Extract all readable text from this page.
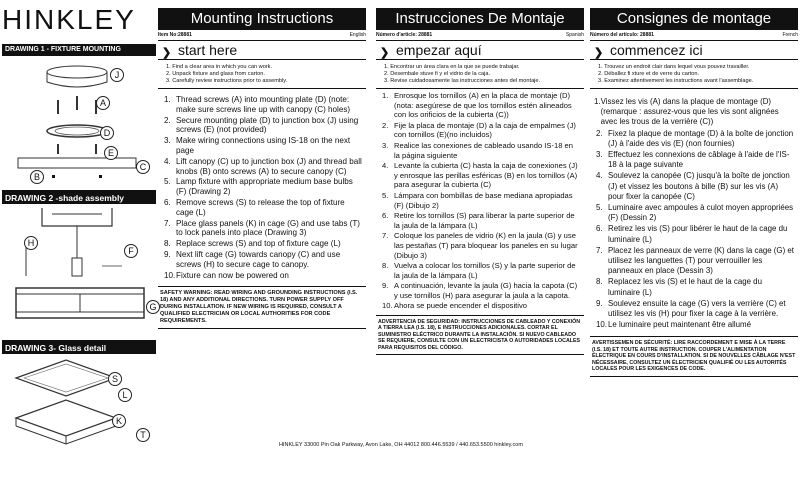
HINKLEY
DRAWING 1 - FIXTURE MOUNTING
J
A
D
E
B
C
DRAWING 2 -shade assembly
F
H
G
DRAWING 3- Glass detail
S
L
K
T
Mounting Instructions
Item No:28881	English
❯ start here
1. Find a clear area in which you can work.
2. Unpack fixture and glass from carton.
3. Carefully review instructions prior to assembly.
1. Thread screws (A) into mounting plate (D) (note: make sure screws line up with canopy (C) holes)
2. Secure mounting plate (D) to junction box (J) using screws (E) (not provided)
3. Make wiring connections using IS-18 on the next page
4. Lift canopy (C) up to junction box (J) and thread ball knobs (B) onto screws (A) to secure canopy (C)
5. Lamp fixture with appropriate medium base bulbs (F) (Drawing 2)
6. Remove screws (S) to release the top of fixture cage (L)
7. Place glass panels (K) in cage (G) and use tabs (T) to lock panels into place (Drawing 3)
8. Replace screws (S) and top of fixture cage (L)
9. Next lift cage (G) towards canopy (C) and use screws (H) to secure cage to canopy.
10. Fixture can now be powered on
SAFETY WARNING: READ WIRING AND GROUNDING INSTRUCTIONS (I.S. 18) AND ANY ADDITIONAL DIRECTIONS. TURN POWER SUPPLY OFF DURING INSTALLATION. IF NEW WIRING IS REQUIRED, CONSULT A QUALIFIED ELECTRICIAN OR LOCAL AUTHORITIES FOR CODE REQUIREMENTS.
Instrucciones De Montaje
Número d'article: 28881	Spanish
❯ empezar aquí
1. Encontrar un área clara en la que se puede trabajar.
2. Desembale stuve fi y el vidrio de la caja.
3. Revise cuidadosamente las instrucciones antes del montaje.
1. Enrosque los tornillos (A) en la placa de montaje (D) (nota: asegúrese de que los tornillos estén alineados con los orificios de la cubierta (C))
2. Fije la placa de montaje (D) a la caja de empalmes (J) con tornillos (E)(no incluidos)
3. Realice las conexiones de cableado usando IS-18 en la página siguiente
4. Levante la cubierta (C) hasta la caja de conexiones (J) y enrosque las perillas esféricas (B) en los tornillos (A) para asegurar la cubierta (C)
5. Lámpara con bombillas de base mediana apropiadas (F) (Dibujo 2)
6. Retire los tornillos (S) para liberar la parte superior de la jaula de la lámpara (L)
7. Coloque los paneles de vidrio (K) en la jaula (G) y use las pestañas (T) para bloquear los paneles en su lugar (Dibujo 3)
8. Vuelva a colocar los tornillos (S) y la parte superior de la jaula de la lámpara (L)
9. A continuación, levante la jaula (G) hacia la capota (C) y use tornillos (H) para asegurar la jaula a la capota.
10. Ahora se puede encender el dispositivo
ADVERTENCIA DE SEGURIDAD: INSTRUCCIONES DE CABLEADO Y CONEXIÓN A TIERRA LEA (I.S. 18), E INSTRUCCIONES ADICIONALES. CORTAR EL SUMINISTRO ELÉCTRICO DURANTE LA INSTALACIÓN. SI NUEVO CABLEADO SE REQUIERE, CONSULTE CON UN ELECTRICISTA O AUTORIDADES LOCALES PARA REQUISITOS DEL CÓDIGO.
Consignes de montage
Número del artículo: 28881	French
❯ commencez ici
1. Trouvez un endroit clair dans lequel vous pouvez travailler.
2. Déballez fi xture et de verre du carton.
3. Examinez attentivement les instructions avant l'assemblage.
1. Vissez les vis (A) dans la plaque de montage (D) (remarque : assurez-vous que les vis sont alignées avec les trous de la verrière (C))
2. Fixez la plaque de montage (D) à la boîte de jonction (J) à l'aide des vis (E) (non fournies)
3. Effectuez les connexions de câblage à l'aide de l'IS-18 à la page suivante
4. Soulevez la canopée (C) jusqu'à la boîte de jonction (J) et vissez les boutons à bille (B) sur les vis (A) pour fixer la canopée (C)
5. Luminaire avec ampoules à culot moyen appropriées (F) (Dessin 2)
6. Retirez les vis (S) pour libérer le haut de la cage du luminaire (L)
7. Placez les panneaux de verre (K) dans la cage (G) et utilisez les languettes (T) pour verrouiller les panneaux en place (Dessin 3)
8. Replacez les vis (S) et le haut de la cage du luminaire (L)
9. Soulevez ensuite la cage (G) vers la verrière (C) et utilisez les vis (H) pour fixer la cage à la verrière.
10. Le luminaire peut maintenant être allumé
AVERTISSEMEN DE SÉCURITÉ: LIRE RACCORDEMENT E MISE À LA TERRE (I.S. 18) ET TOUTE AUTRE INSTRUCTION. COUPER L'ALIMENTATION ÉLECTRIQUE EN COURS D'INSTALLATION. SI DE NOUVELLES CÂBLAGE N'EST NÉCESSAIRE, CONSULTEZ UN ÉLECTRICIEN QUALIFIÉ OU LES AUTORITÉS LOCALES POUR LES EXIGENCES DE CODE.
HINKLEY 33000 Pin Oak Parkway, Avon Lake, OH 44012 800.446.5539 / 440.653.5500 hinkley.com
